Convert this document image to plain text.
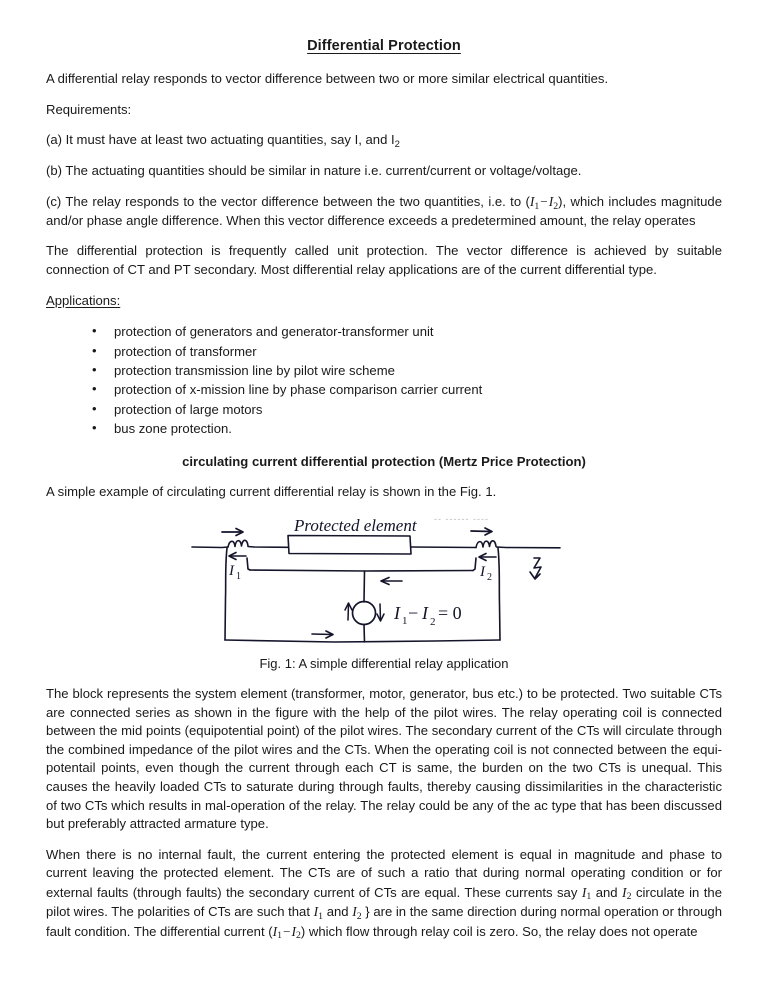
Differential Protection

A differential relay responds to vector difference between two or more similar electrical quantities.

Requirements:

(a) It must have at least two actuating quantities, say I, and $I_2$

(b) The actuating quantities should be similar in nature i.e. current/current or voltage/voltage.

(c) The relay responds to the vector difference between the two quantities, i.e. to $(I_1-I_2)$, which includes magnitude and/or phase angle difference. When this vector difference exceeds a predetermined amount, the relay operates

The differential protection is frequently called unit protection. The vector difference is achieved by suitable connection of CT and PT secondary. Most differential relay applications are of the current differential type.

Applications:

• protection of generators and generator-transformer unit
• protection of transformer
• protection transmission line by pilot wire scheme
• protection of x-mission line by phase comparison carrier current
• protection of large motors
• bus zone protection.

circulating current differential protection (Mertz Price Protection)

A simple example of circulating current differential relay is shown in the Fig. 1.

I 1	I 2
Protected element
I 1 − I 2 = 0
‑‑ ‑‑‑‑‑‑ ‑‑‑‑

Fig. 1: A simple differential relay application

The block represents the system element (transformer, motor, generator, bus etc.) to be protected. Two suitable CTs are connected series as shown in the figure with the help of the pilot wires. The relay operating coil is connected between the mid points (equipotential point) of the pilot wires. The secondary current of the CTs will circulate through the combined impedance of the pilot wires and the CTs. When the operating coil is not connected between the equi-potentail points, even though the current through each CT is same, the burden on the two CTs is unequal. This causes the heavily loaded CTs to saturate during through faults, thereby causing dissimilarities in the characteristic of two CTs which results in mal-operation of the relay. The relay could be any of the ac type that has been discussed but preferably attracted armature type.

When there is no internal fault, the current entering the protected element is equal in magnitude and phase to current leaving the protected element. The CTs are of such a ratio that during normal operating condition or for external faults (through faults) the secondary current of CTs are equal. These currents say $I_1$ and $I_2$ circulate in the pilot wires. The polarities of CTs are such that $I_1$ and $I_2$ } are in the same direction during normal operation or through fault condition. The differential current $(I_1-I_2)$ which flow through relay coil is zero. So, the relay does not operate
